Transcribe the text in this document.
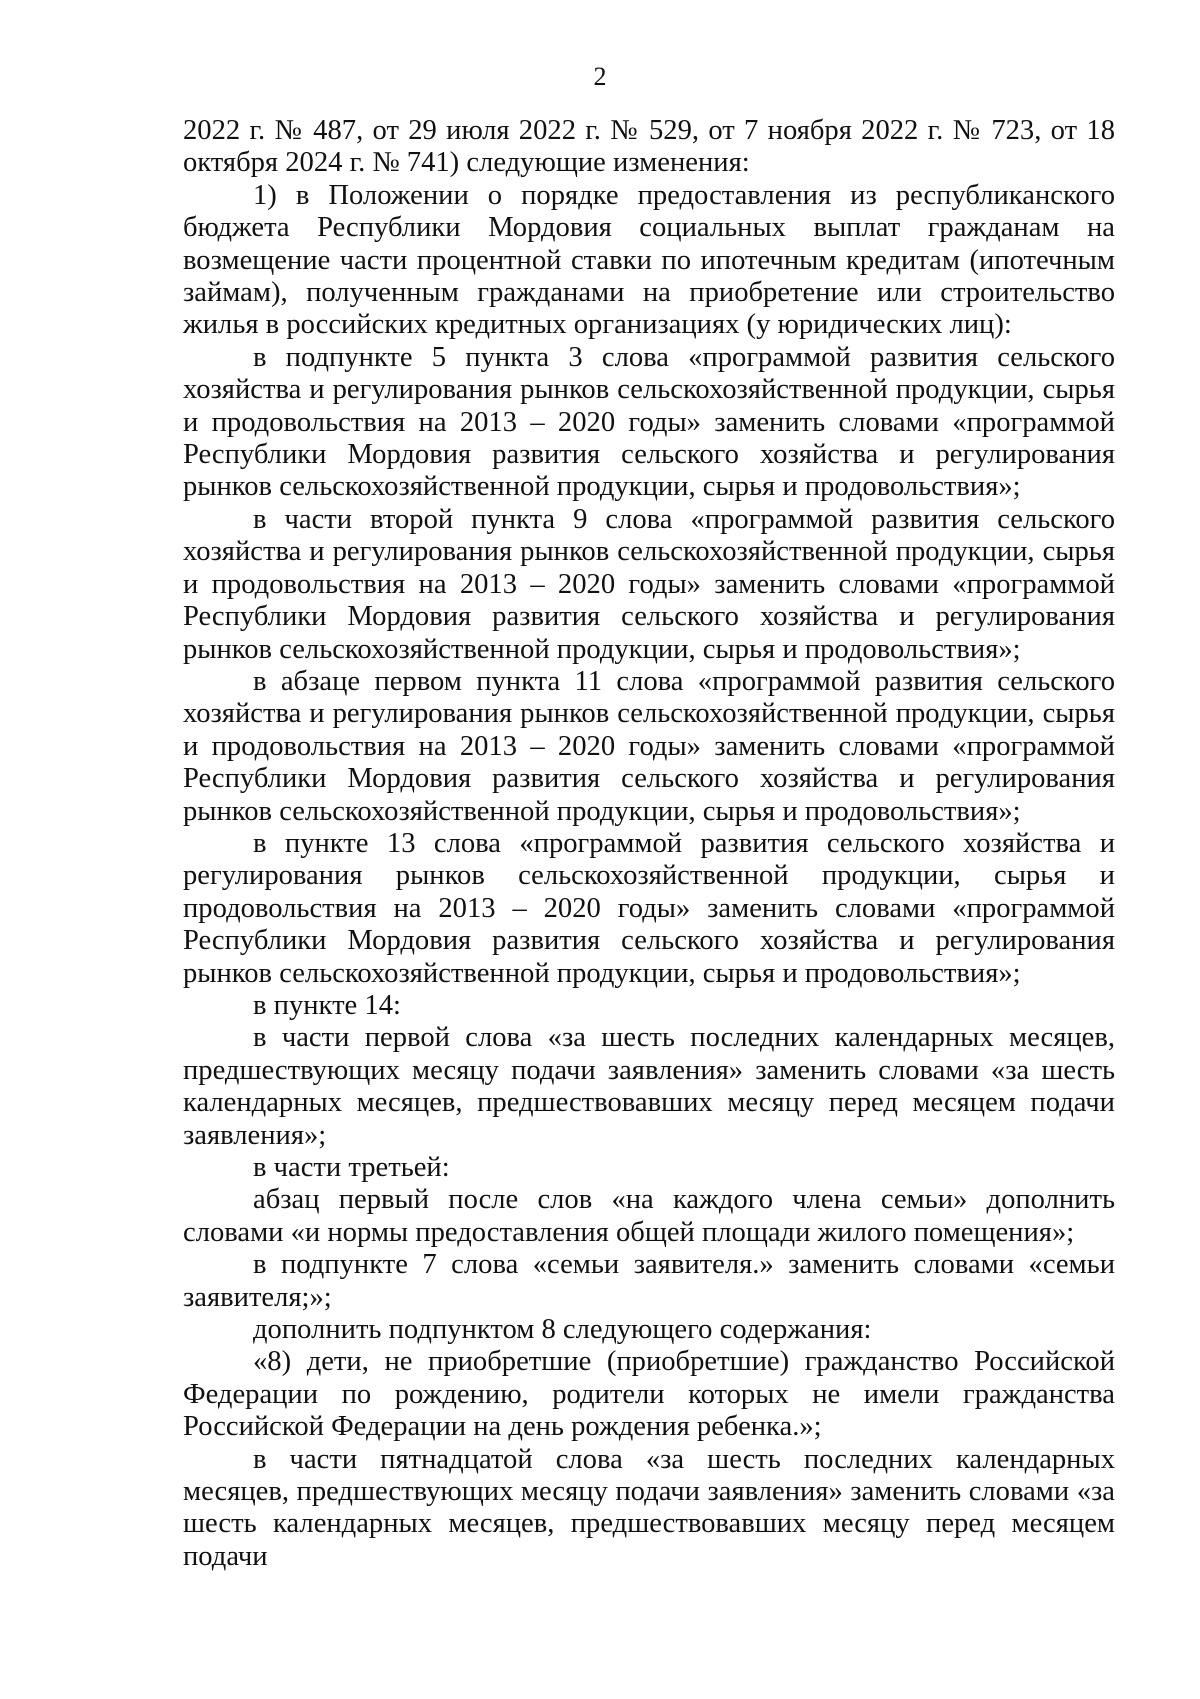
2

2022 г. № 487, от 29 июля 2022 г. № 529, от 7 ноября 2022 г. № 723, от 18 октября 2024 г. № 741) следующие изменения:

1) в Положении о порядке предоставления из республиканского бюджета Республики Мордовия социальных выплат гражданам на возмещение части процентной ставки по ипотечным кредитам (ипотечным займам), полученным гражданами на приобретение или строительство жилья в российских кредитных организациях (у юридических лиц):

в подпункте 5 пункта 3 слова «программой развития сельского хозяйства и регулирования рынков сельскохозяйственной продукции, сырья и продовольствия на 2013 – 2020 годы» заменить словами «программой Республики Мордовия развития сельского хозяйства и регулирования рынков сельскохозяйственной продукции, сырья и продовольствия»;

в части второй пункта 9 слова «программой развития сельского хозяйства и регулирования рынков сельскохозяйственной продукции, сырья и продовольствия на 2013 – 2020 годы» заменить словами «программой Республики Мордовия развития сельского хозяйства и регулирования рынков сельскохозяйственной продукции, сырья и продовольствия»;

в абзаце первом пункта 11 слова «программой развития сельского хозяйства и регулирования рынков сельскохозяйственной продукции, сырья и продовольствия на 2013 – 2020 годы» заменить словами «программой Республики Мордовия развития сельского хозяйства и регулирования рынков сельскохозяйственной продукции, сырья и продовольствия»;

в пункте 13 слова «программой развития сельского хозяйства и регулирования рынков сельскохозяйственной продукции, сырья и продовольствия на 2013 – 2020 годы» заменить словами «программой Республики Мордовия развития сельского хозяйства и регулирования рынков сельскохозяйственной продукции, сырья и продовольствия»;

в пункте 14:

в части первой слова «за шесть последних календарных месяцев, предшествующих месяцу подачи заявления» заменить словами «за шесть календарных месяцев, предшествовавших месяцу перед месяцем подачи заявления»;

в части третьей:

абзац первый после слов «на каждого члена семьи» дополнить словами «и нормы предоставления общей площади жилого помещения»;

в подпункте 7 слова «семьи заявителя.» заменить словами «семьи заявителя;»;

дополнить подпунктом 8 следующего содержания:

«8) дети, не приобретшие (приобретшие) гражданство Российской Федерации по рождению, родители которых не имели гражданства Российской Федерации на день рождения ребенка.»;

в части пятнадцатой слова «за шесть последних календарных месяцев, предшествующих месяцу подачи заявления» заменить словами «за шесть календарных месяцев, предшествовавших месяцу перед месяцем подачи
